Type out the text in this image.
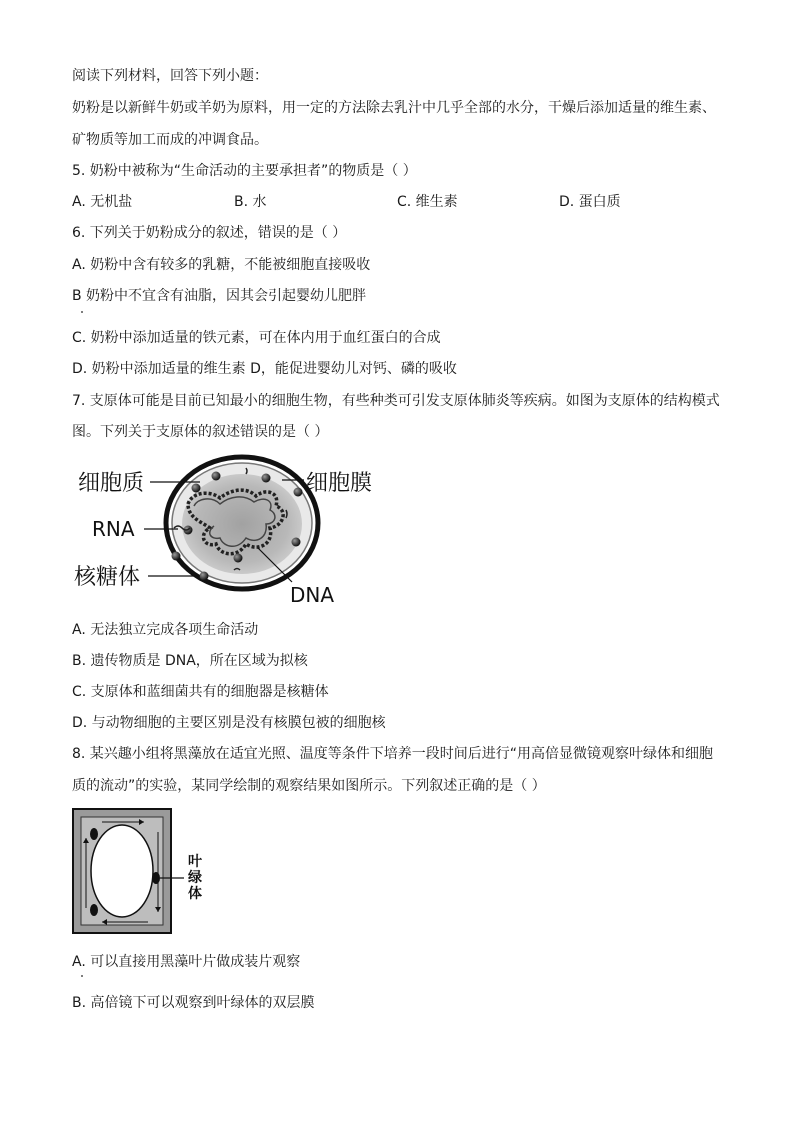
阅读下列材料，回答下列小题：
奶粉是以新鲜牛奶或羊奶为原料，用一定的方法除去乳汁中几乎全部的水分，干燥后添加适量的维生素、
矿物质等加工而成的冲调食品。
5. 奶粉中被称为“生命活动的主要承担者”的物质是（ ）
A. 无机盐	B. 水	C. 维生素	D. 蛋白质
6. 下列关于奶粉成分的叙述，错误的是（ ）
A. 奶粉中含有较多的乳糖，不能被细胞直接吸收
B 奶粉中不宜含有油脂，因其会引起婴幼儿肥胖
C. 奶粉中添加适量的铁元素，可在体内用于血红蛋白的合成
D. 奶粉中添加适量的维生素 D，能促进婴幼儿对钙、磷的吸收
7. 支原体可能是目前已知最小的细胞生物，有些种类可引发支原体肺炎等疾病。如图为支原体的结构模式
图。下列关于支原体的叙述错误的是（ ）
细胞质	细胞膜
RNA
核糖体
DNA
A. 无法独立完成各项生命活动
B. 遗传物质是 DNA，所在区域为拟核
C. 支原体和蓝细菌共有的细胞器是核糖体
D. 与动物细胞的主要区别是没有核膜包被的细胞核
8. 某兴趣小组将黑藻放在适宜光照、温度等条件下培养一段时间后进行“用高倍显微镜观察叶绿体和细胞
质的流动”的实验，某同学绘制的观察结果如图所示。下列叙述正确的是（ ）
叶
绿
体
A. 可以直接用黑藻叶片做成装片观察
B. 高倍镜下可以观察到叶绿体的双层膜
